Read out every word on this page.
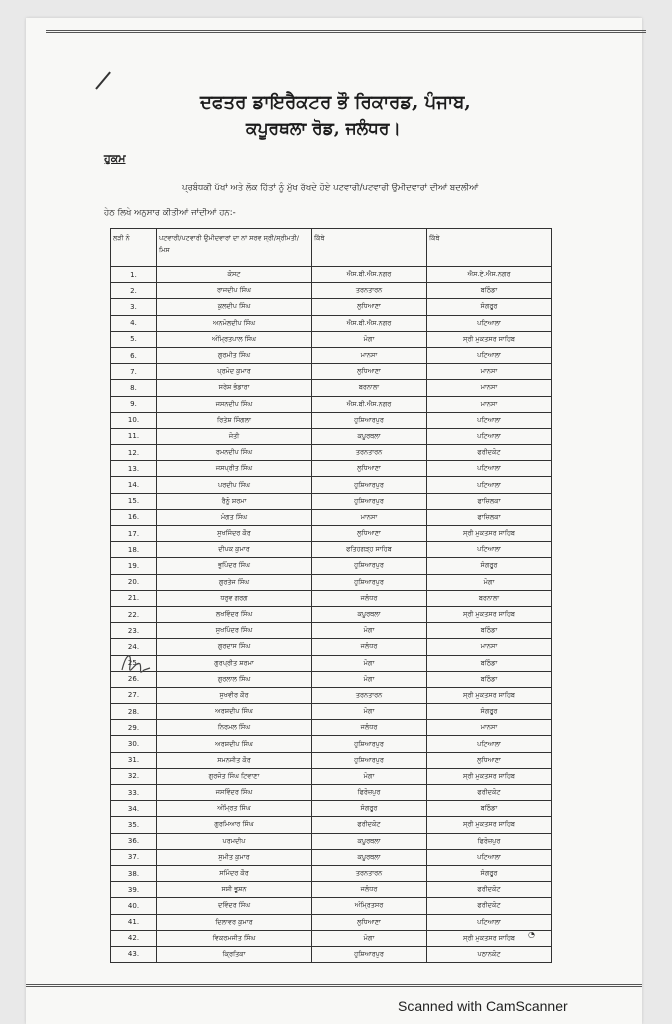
ਦਫਤਰ ਡਾਇਰੈਕਟਰ ਭੌ ਰਿਕਾਰਡ, ਪੰਜਾਬ,
ਕਪੂਰਥਲਾ ਰੋਡ, ਜਲੰਧਰ।
ਹੁਕਮ
ਪ੍ਰਬੰਧਕੀ ਪੱਖਾਂ ਅਤੇ ਲੋਕ ਹਿੱਤਾਂ ਨੂੰ ਮੁੱਖ ਰੱਖਦੇ ਹੋਏ ਪਟਵਾਰੀ/ਪਟਵਾਰੀ ਉਮੀਦਵਾਰਾਂ ਦੀਆਂ ਬਦਲੀਆਂ
ਹੇਠ ਲਿਖੇ ਅਨੁਸਾਰ ਕੀਤੀਆਂ ਜਾਂਦੀਆਂ ਹਨ:-
ਲੜੀ ਨੰ	ਪਟਵਾਰੀ/ਪਟਵਾਰੀ ਉਮੀਦਵਾਰਾਂ ਦਾ ਨਾਂ ਸਰਵ ਸ੍ਰੀ/ਸ੍ਰੀਮਤੀ/ਮਿਸ	ਕਿੱਥੇ	ਕਿੱਥੇ
1.	ਕੋਸਟ	ਐਸ.ਬੀ.ਐਸ.ਨਗਰ	ਐਸ.ਏ.ਐਸ.ਨਗਰ
2.	ਰਾਜਦੀਪ ਸਿੰਘ	ਤਰਨਤਾਰਨ	ਬਠਿੰਡਾ
3.	ਕੁਲਦੀਪ ਸਿੰਘ	ਲੁਧਿਆਣਾ	ਸੰਗਰੂਰ
4.	ਅਨਮੋਲਦੀਪ ਸਿੰਘ	ਐਸ.ਬੀ.ਐਸ.ਨਗਰ	ਪਟਿਆਲਾ
5.	ਅੰਮ੍ਰਿਤਪਾਲ ਸਿੰਘ	ਮੋਗਾ	ਸ੍ਰੀ ਮੁਕਤਸਰ ਸਾਹਿਬ
6.	ਗੁਰਮੀਤ ਸਿੰਘ	ਮਾਨਸਾ	ਪਟਿਆਲਾ
7.	ਪ੍ਰਮੋਦ ਕੁਮਾਰ	ਲੁਧਿਆਣਾ	ਮਾਨਸਾ
8.	ਸਰੇਸ਼ ਭੰਡਾਰਾ	ਬਰਨਾਲਾ	ਮਾਨਸਾ
9.	ਜਸਨਦੀਪ ਸਿੰਘ	ਐਸ.ਬੀ.ਐਸ.ਨਗਰ	ਮਾਨਸਾ
10.	ਰਿਤੇਸ਼ ਸਿੰਗਲਾ	ਹੁਸ਼ਿਆਰਪੁਰ	ਪਟਿਆਲਾ
11.	ਜੋਤੀ	ਕਪੂਰਥਲਾ	ਪਟਿਆਲਾ
12.	ਰਮਨਦੀਪ ਸਿੰਘ	ਤਰਨਤਾਰਨ	ਫਰੀਦਕੋਟ
13.	ਜਸਪ੍ਰੀਤ ਸਿੰਘ	ਲੁਧਿਆਣਾ	ਪਟਿਆਲਾ
14.	ਪਰਦੀਪ ਸਿੰਘ	ਹੁਸ਼ਿਆਰਪੁਰ	ਪਟਿਆਲਾ
15.	ਰੈਨੂੰ ਸ਼ਰਮਾ	ਹੁਸ਼ਿਆਰਪੁਰ	ਫਾਜ਼ਿਲਕਾ
16.	ਮੰਗਤ ਸਿੰਘ	ਮਾਨਸਾ	ਫਾਜ਼ਿਲਕਾ
17.	ਸੁਖਜਿੰਦਰ ਕੌਰ	ਲੁਧਿਆਣਾ	ਸ੍ਰੀ ਮੁਕਤਸਰ ਸਾਹਿਬ
18.	ਦੀਪਕ ਕੁਮਾਰ	ਫਤਿਹਗੜ੍ਹ ਸਾਹਿਬ	ਪਟਿਆਲਾ
19.	ਭੁਪਿੰਦਰ ਸਿੰਘ	ਹੁਸ਼ਿਆਰਪੁਰ	ਸੰਗਰੂਰ
20.	ਗੁਰਤੇਜ ਸਿੰਘ	ਹੁਸ਼ਿਆਰਪੁਰ	ਮੋਗਾ
21.	ਧਰੁਵ ਗਰਗ	ਜਲੰਧਰ	ਬਰਨਾਲਾ
22.	ਲਖਵਿੰਦਰ ਸਿੰਘ	ਕਪੂਰਥਲਾ	ਸ੍ਰੀ ਮੁਕਤਸਰ ਸਾਹਿਬ
23.	ਸੁਖਪਿੰਦਰ ਸਿੰਘ	ਮੋਗਾ	ਬਠਿੰਡਾ
24.	ਗੁਰਦਾਸ ਸਿੰਘ	ਜਲੰਧਰ	ਮਾਨਸਾ
25.	ਗੁਰਪ੍ਰੀਤ ਸ਼ਰਮਾ	ਮੋਗਾ	ਬਠਿੰਡਾ
26.	ਗੁਰਲਾਲ ਸਿੰਘ	ਮੋਗਾ	ਬਠਿੰਡਾ
27.	ਸੁਖਵੀਰ ਕੌਰ	ਤਰਨਤਾਰਨ	ਸ੍ਰੀ ਮੁਕਤਸਰ ਸਾਹਿਬ
28.	ਅਰਸ਼ਦੀਪ ਸਿੰਘ	ਮੋਗਾ	ਸੰਗਰੂਰ
29.	ਨਿਰਮਲ ਸਿੰਘ	ਜਲੰਧਰ	ਮਾਨਸਾ
30.	ਅਰਸ਼ਦੀਪ ਸਿੰਘ	ਹੁਸ਼ਿਆਰਪੁਰ	ਪਟਿਆਲਾ
31.	ਸਮਨਜੀਤ ਕੌਰ	ਹੁਸ਼ਿਆਰਪੁਰ	ਲੁਧਿਆਣਾ
32.	ਗੁਰਜੋਤ ਸਿੰਘ ਟਿਵਾਣਾ	ਮੋਗਾ	ਸ੍ਰੀ ਮੁਕਤਸਰ ਸਾਹਿਬ
33.	ਜਸਵਿੰਦਰ ਸਿੰਘ	ਫਿਰੋਜ਼ਪੁਰ	ਫਰੀਦਕੋਟ
34.	ਅੰਮ੍ਰਿਤ ਸਿੰਘ	ਸੰਗਰੂਰ	ਬਠਿੰਡਾ
35.	ਗੁਰਮਿਆਰ ਸਿੰਘ	ਫਰੀਦਕੋਟ	ਸ੍ਰੀ ਮੁਕਤਸਰ ਸਾਹਿਬ
36.	ਪਰਮਦੀਪ	ਕਪੂਰਥਲਾ	ਫਿਰੋਜ਼ਪੁਰ
37.	ਸੁਮੀਤ ਕੁਮਾਰ	ਕਪੂਰਥਲਾ	ਪਟਿਆਲਾ
38.	ਸਮਿੰਦਰ ਕੌਰ	ਤਰਨਤਾਰਨ	ਸੰਗਰੂਰ
39.	ਸਸ਼ੀ ਭੂਸ਼ਨ	ਜਲੰਧਰ	ਫਰੀਦਕੋਟ
40.	ਦਵਿੰਦਰ ਸਿੰਘ	ਅੰਮ੍ਰਿਤਸਰ	ਫਰੀਦਕੋਟ
41.	ਦਿਲਾਵਰ ਕੁਮਾਰ	ਲੁਧਿਆਣਾ	ਪਟਿਆਲਾ
42.	ਵਿਕਰਮਜੀਤ ਸਿੰਘ	ਮੋਗਾ	ਸ੍ਰੀ ਮੁਕਤਸਰ ਸਾਹਿਬ
43.	ਕ੍ਰਿਤਿਕਾ	ਹੁਸ਼ਿਆਰਪੁਰ	ਪਠਾਨਕੋਟ
◔
Scanned with CamScanner
